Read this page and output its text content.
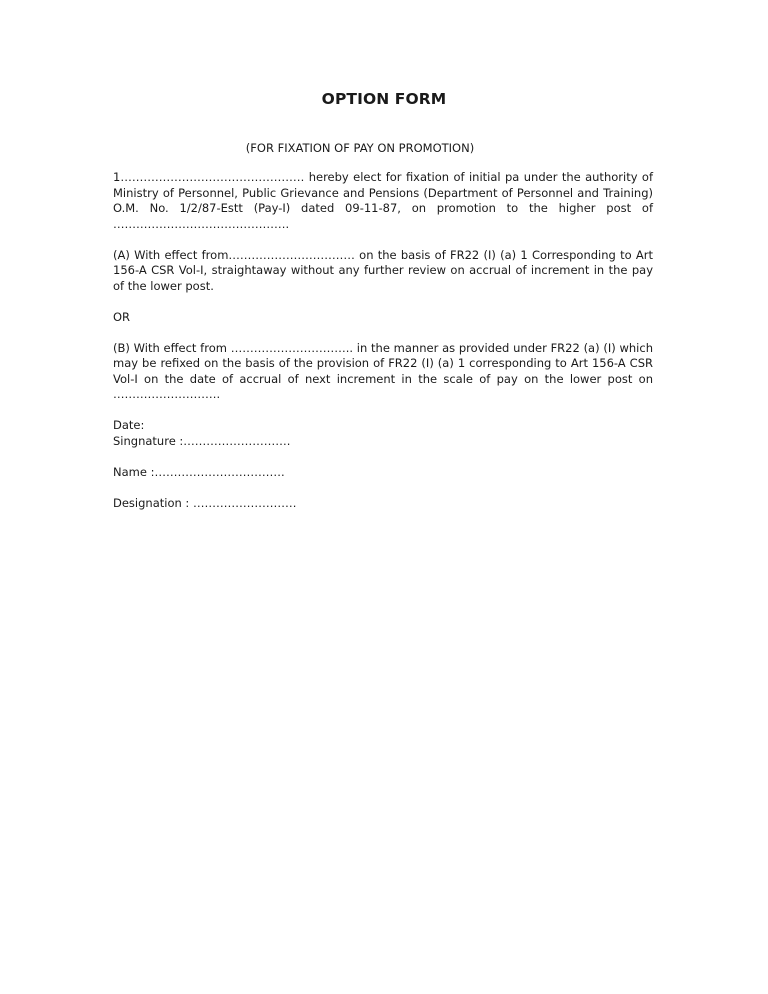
OPTION FORM
(FOR FIXATION OF PAY ON PROMOTION)

1………………………………………… hereby elect for fixation of initial pa under the authority of Ministry of Personnel, Public Grievance and Pensions (Department of Personnel and Training) O.M. No. 1/2/87-Estt (Pay-I) dated 09-11-87, on promotion to the higher post of ……………………………………….

(A) With effect from…………………………… on the basis of FR22 (I) (a) 1 Corresponding to Art 156-A CSR Vol-I, straightaway without any further review on accrual of increment in the pay of the lower post.

OR

(B) With effect from ………………………….. in the manner as provided under FR22 (a) (I) which may be refixed on the basis of the provision of FR22 (I) (a) 1 corresponding to Art 156-A CSR Vol-I on the date of accrual of next increment in the scale of pay on the lower post on ……………………….

Date:

Singnature :……………………….

Name :…………………………….

Designation : ………………………
